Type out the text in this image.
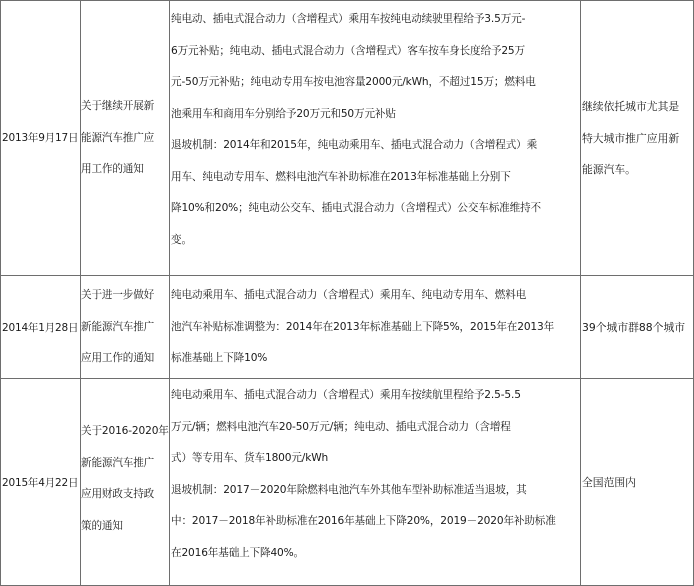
2013年9月17日
关于继续开展新
能源汽车推广应
用工作的通知
纯电动、插电式混合动力（含增程式）乘用车按纯电动续驶里程给予3.5万元-
6万元补贴；纯电动、插电式混合动力（含增程式）客车按车身长度给予25万
元-50万元补贴；纯电动专用车按电池容量2000元/kWh，不超过15万；燃料电
池乘用车和商用车分别给予20万元和50万元补贴
退坡机制：2014年和2015年，纯电动乘用车、插电式混合动力（含增程式）乘
用车、纯电动专用车、燃料电池汽车补助标准在2013年标准基础上分别下
降10%和20%；纯电动公交车、插电式混合动力（含增程式）公交车标准维持不
变。
继续依托城市尤其是
特大城市推广应用新
能源汽车。
2014年1月28日
关于进一步做好
新能源汽车推广
应用工作的通知
纯电动乘用车、插电式混合动力（含增程式）乘用车、纯电动专用车、燃料电
池汽车补贴标准调整为：2014年在2013年标准基础上下降5%，2015年在2013年
标准基础上下降10%
39个城市群88个城市
2015年4月22日
关于2016-2020年
新能源汽车推广
应用财政支持政
策的通知
纯电动乘用车、插电式混合动力（含增程式）乘用车按续航里程给予2.5-5.5
万元/辆；燃料电池汽车20-50万元/辆；纯电动、插电式混合动力（含增程
式）等专用车、货车1800元/kWh
退坡机制：2017－2020年除燃料电池汽车外其他车型补助标准适当退坡，其
中：2017－2018年补助标准在2016年基础上下降20%，2019－2020年补助标准
在2016年基础上下降40%。
全国范围内
